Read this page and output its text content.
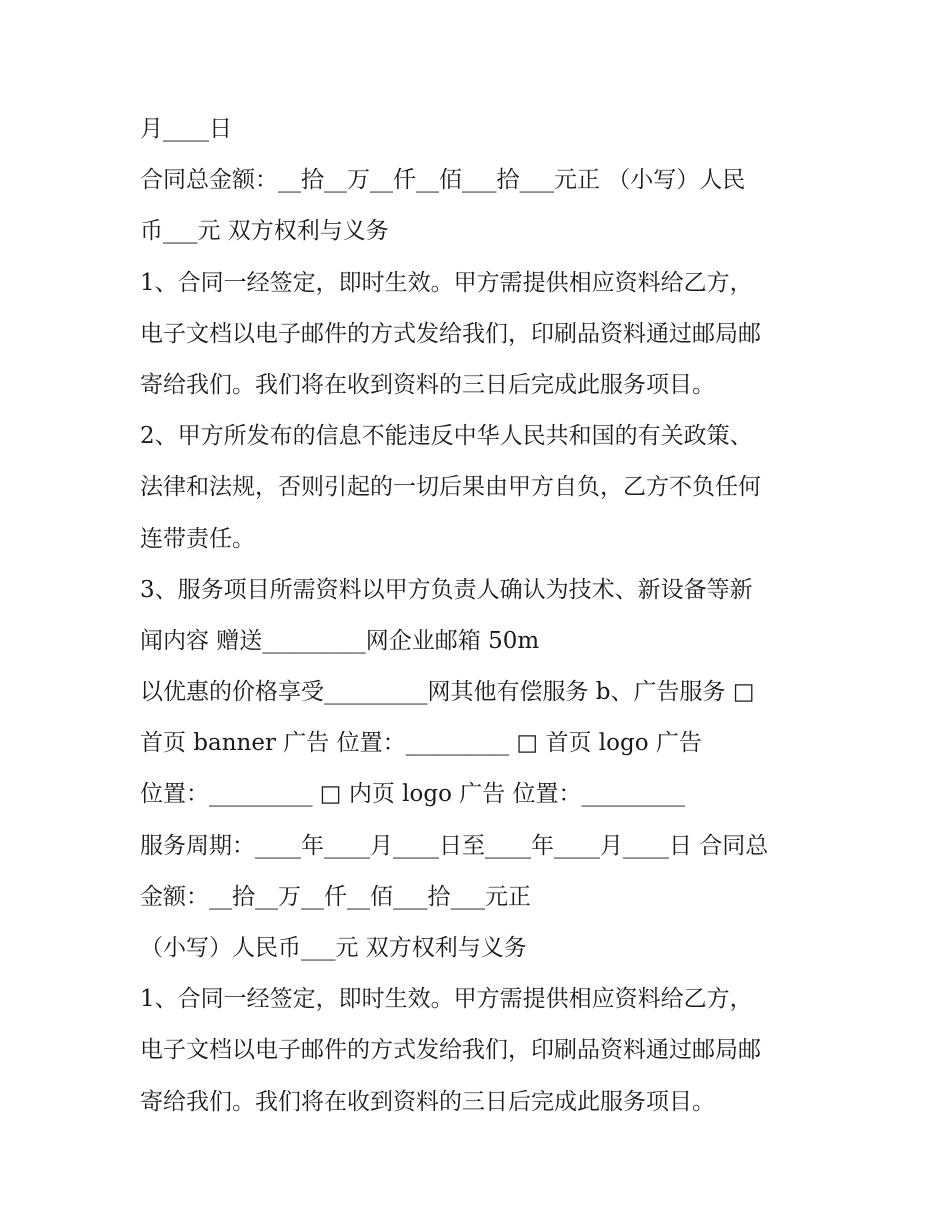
月____日

合同总金额：__拾__万__仟__佰___拾___元正 （小写）人民

币___元 双方权利与义务

1、合同一经签定，即时生效。甲方需提供相应资料给乙方，

电子文档以电子邮件的方式发给我们，印刷品资料通过邮局邮

寄给我们。我们将在收到资料的三日后完成此服务项目。

2、甲方所发布的信息不能违反中华人民共和国的有关政策、

法律和法规，否则引起的一切后果由甲方自负，乙方不负任何

连带责任。

3、服务项目所需资料以甲方负责人确认为技术、新设备等新

闻内容 赠送_________网企业邮箱 50m

以优惠的价格享受_________网其他有偿服务 b、广告服务 □

首页 banner 广告 位置：_________ □ 首页 logo 广告

位置：_________ □ 内页 logo 广告 位置：_________

服务周期：____年____月____日至____年____月____日 合同总

金额：__拾__万__仟__佰___拾___元正

（小写）人民币___元 双方权利与义务

1、合同一经签定，即时生效。甲方需提供相应资料给乙方，

电子文档以电子邮件的方式发给我们，印刷品资料通过邮局邮

寄给我们。我们将在收到资料的三日后完成此服务项目。
